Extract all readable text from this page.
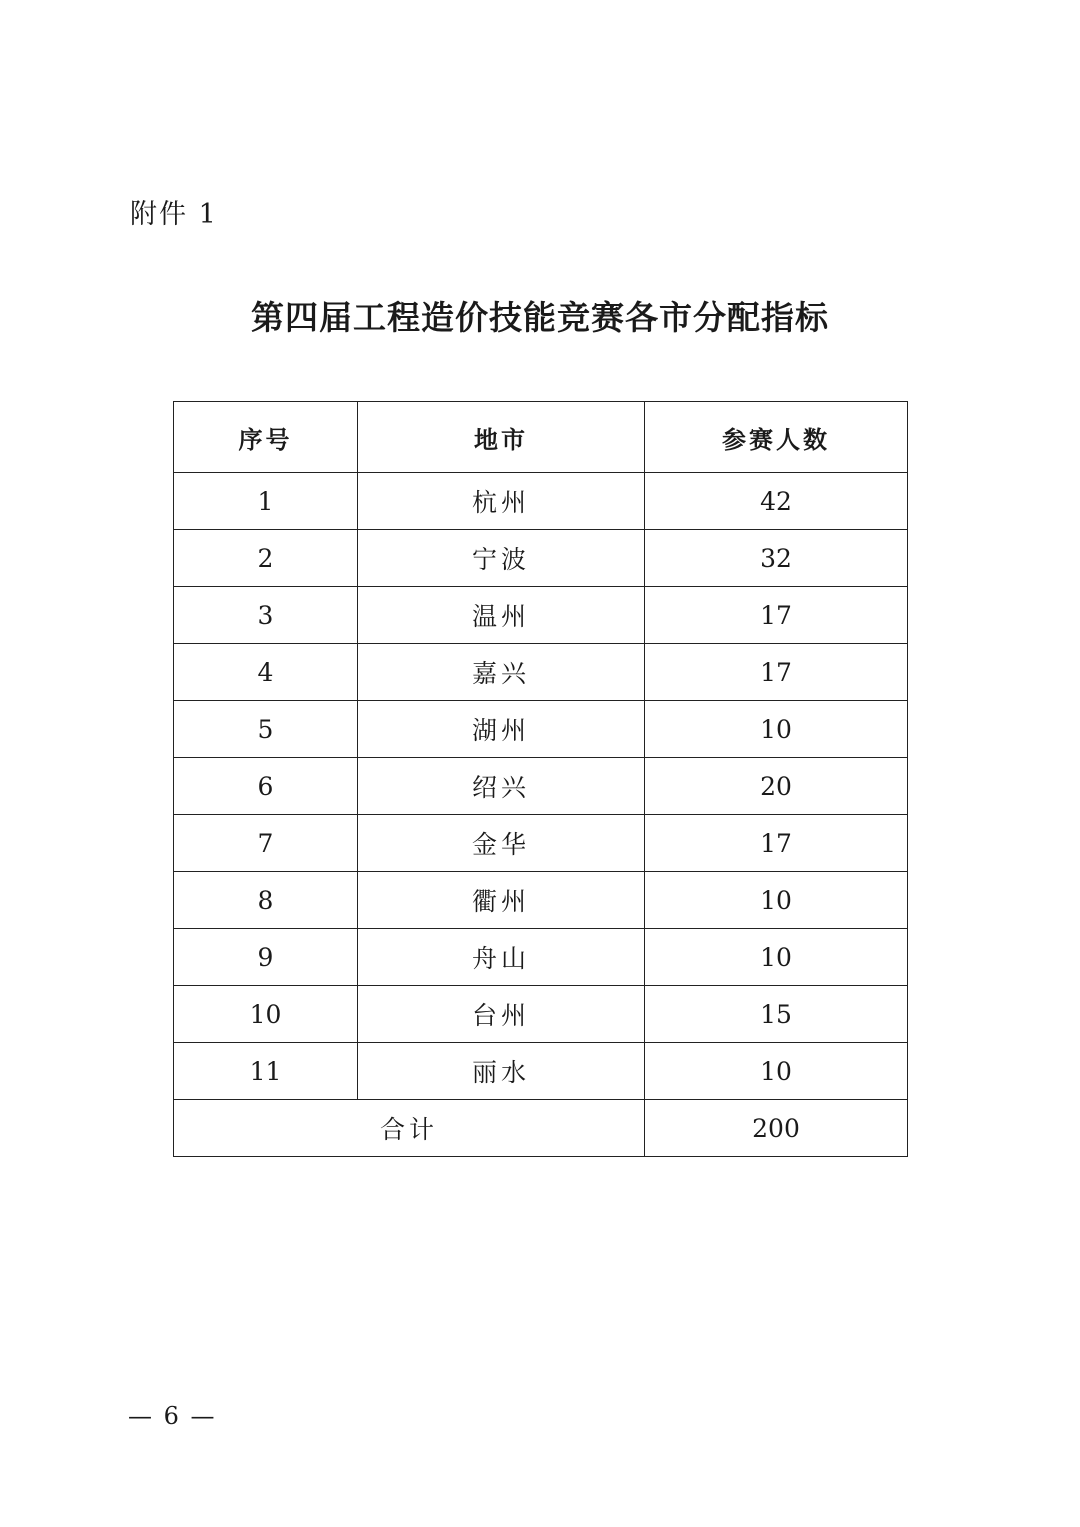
附件 1
第四届工程造价技能竞赛各市分配指标
序号	地市	参赛人数
1	杭州	42
2	宁波	32
3	温州	17
4	嘉兴	17
5	湖州	10
6	绍兴	20
7	金华	17
8	衢州	10
9	舟山	10
10	台州	15
11	丽水	10
合计		200
— 6 —
